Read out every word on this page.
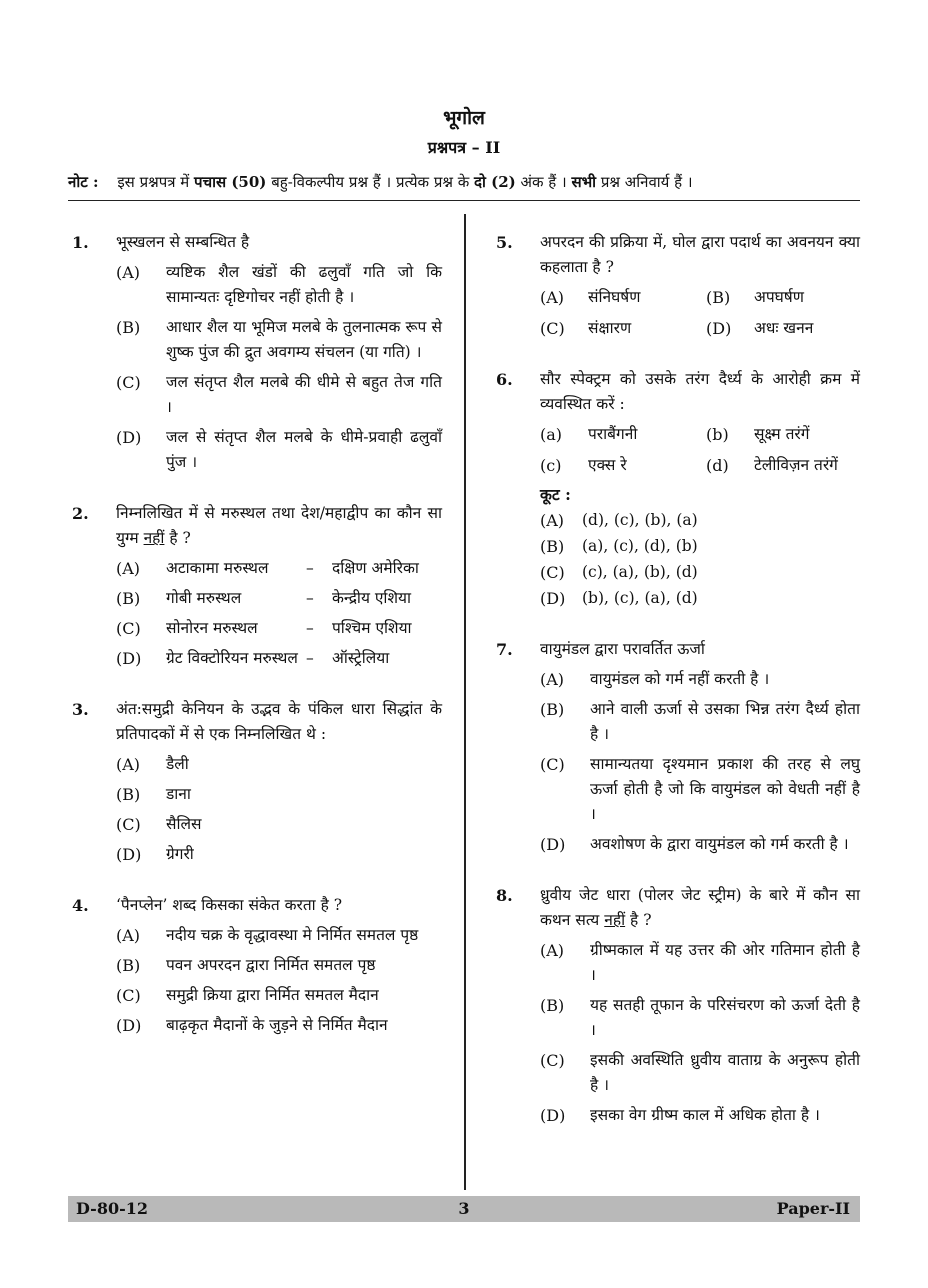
भूगोल
प्रश्नपत्र – II
नोट : इस प्रश्नपत्र में पचास (50) बहु-विकल्पीय प्रश्न हैं । प्रत्येक प्रश्न के दो (2) अंक हैं । सभी प्रश्न अनिवार्य हैं ।
1. भूस्खलन से सम्बन्धित है
(A) व्यष्टिक शैल खंडों की ढलुवाँ गति जो कि सामान्यतः दृष्टिगोचर नहीं होती है ।
(B) आधार शैल या भूमिज मलबे के तुलनात्मक रूप से शुष्क पुंज की द्रुत अवगम्य संचलन (या गति) ।
(C) जल संतृप्त शैल मलबे की धीमे से बहुत तेज गति ।
(D) जल से संतृप्त शैल मलबे के धीमे-प्रवाही ढलुवाँ पुंज ।
2. निम्नलिखित में से मरुस्थल तथा देश/महाद्वीप का कौन सा युग्म नहीं है ?
(A)	अटाकामा मरुस्थल	–	दक्षिण अमेरिका
(B)	गोबी मरुस्थल	–	केन्द्रीय एशिया
(C)	सोनोरन मरुस्थल	–	पश्चिम एशिया
(D)	ग्रेट विक्टोरियन मरुस्थल –	ऑस्ट्रेलिया
3. अंत:समुद्री केनियन के उद्भव के पंकिल धारा सिद्धांत के प्रतिपादकों में से एक निम्नलिखित थे :
(A) डैली
(B) डाना
(C) सैलिस
(D) ग्रेगरी
4. ‘पैनप्लेन’ शब्द किसका संकेत करता है ?
(A) नदीय चक्र के वृद्धावस्था मे निर्मित समतल पृष्ठ
(B) पवन अपरदन द्वारा निर्मित समतल पृष्ठ
(C) समुद्री क्रिया द्वारा निर्मित समतल मैदान
(D) बाढ़कृत मैदानों के जुड़ने से निर्मित मैदान
5. अपरदन की प्रक्रिया में, घोल द्वारा पदार्थ का अवनयन क्या कहलाता है ?
(A)	संनिघर्षण	(B)	अपघर्षण
(C)	संक्षारण	(D)	अधः खनन
6. सौर स्पेक्ट्रम को उसके तरंग दैर्ध्य के आरोही क्रम में व्यवस्थित करें :
(a)	पराबैंगनी	(b)	सूक्ष्म तरंगें
(c)	एक्स रे	(d)	टेलीविज़न तरंगें
कूट :
(A)	(d), (c), (b), (a)
(B)	(a), (c), (d), (b)
(C)	(c), (a), (b), (d)
(D)	(b), (c), (a), (d)
7. वायुमंडल द्वारा परावर्तित ऊर्जा
(A) वायुमंडल को गर्म नहीं करती है ।
(B) आने वाली ऊर्जा से उसका भिन्न तरंग दैर्ध्य होता है ।
(C) सामान्यतया दृश्यमान प्रकाश की तरह से लघु ऊर्जा होती है जो कि वायुमंडल को वेधती नहीं है ।
(D) अवशोषण के द्वारा वायुमंडल को गर्म करती है ।
8. ध्रुवीय जेट धारा (पोलर जेट स्ट्रीम) के बारे में कौन सा कथन सत्य नहीं है ?
(A) ग्रीष्मकाल में यह उत्तर की ओर गतिमान होती है ।
(B) यह सतही तूफान के परिसंचरण को ऊर्जा देती है ।
(C) इसकी अवस्थिति ध्रुवीय वाताग्र के अनुरूप होती है ।
(D) इसका वेग ग्रीष्म काल में अधिक होता है ।
D-80-12	3	Paper-II
